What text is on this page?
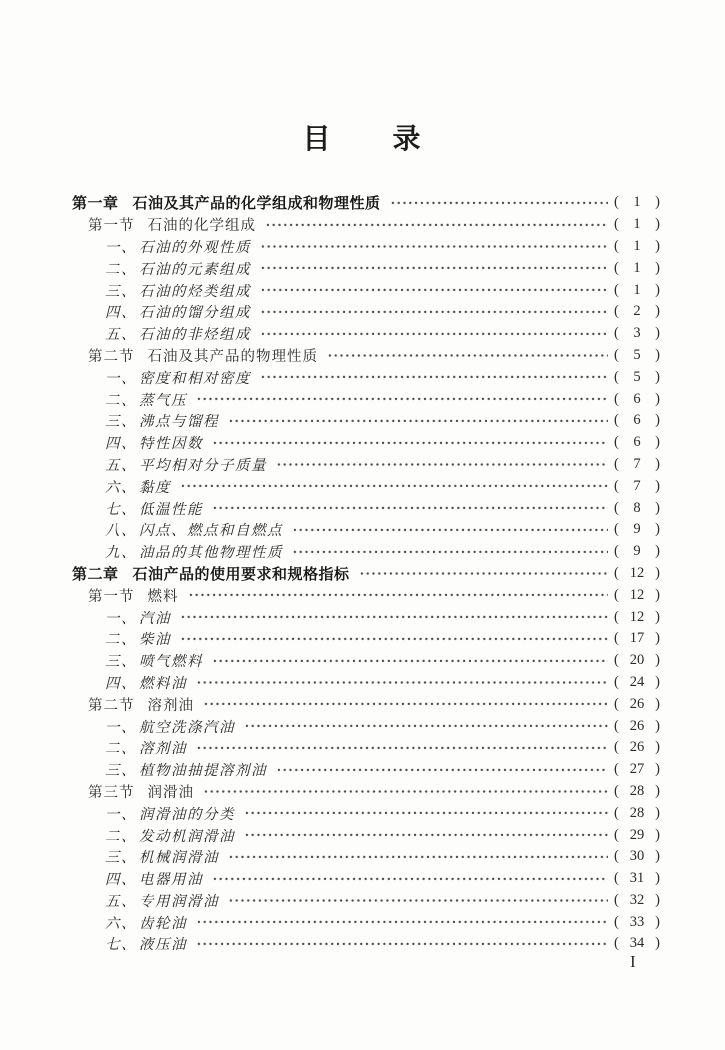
目　　录
第一章 石油及其产品的化学组成和物理性质	( 1 )
第一节 石油的化学组成	( 1 )
一、 石油的外观性质	( 1 )
二、 石油的元素组成	( 1 )
三、 石油的烃类组成	( 1 )
四、 石油的馏分组成	( 2 )
五、 石油的非烃组成	( 3 )
第二节 石油及其产品的物理性质	( 5 )
一、 密度和相对密度	( 5 )
二、 蒸气压	( 6 )
三、 沸点与馏程	( 6 )
四、 特性因数	( 6 )
五、 平均相对分子质量	( 7 )
六、 黏度	( 7 )
七、 低温性能	( 8 )
八、 闪点、燃点和自燃点	( 9 )
九、 油品的其他物理性质	( 9 )
第二章 石油产品的使用要求和规格指标	( 12 )
第一节 燃料	( 12 )
一、 汽油	( 12 )
二、 柴油	( 17 )
三、 喷气燃料	( 20 )
四、 燃料油	( 24 )
第二节 溶剂油	( 26 )
一、 航空洗涤汽油	( 26 )
二、 溶剂油	( 26 )
三、 植物油抽提溶剂油	( 27 )
第三节 润滑油	( 28 )
一、 润滑油的分类	( 28 )
二、 发动机润滑油	( 29 )
三、 机械润滑油	( 30 )
四、 电器用油	( 31 )
五、 专用润滑油	( 32 )
六、 齿轮油	( 33 )
七、 液压油	( 34 )
I
